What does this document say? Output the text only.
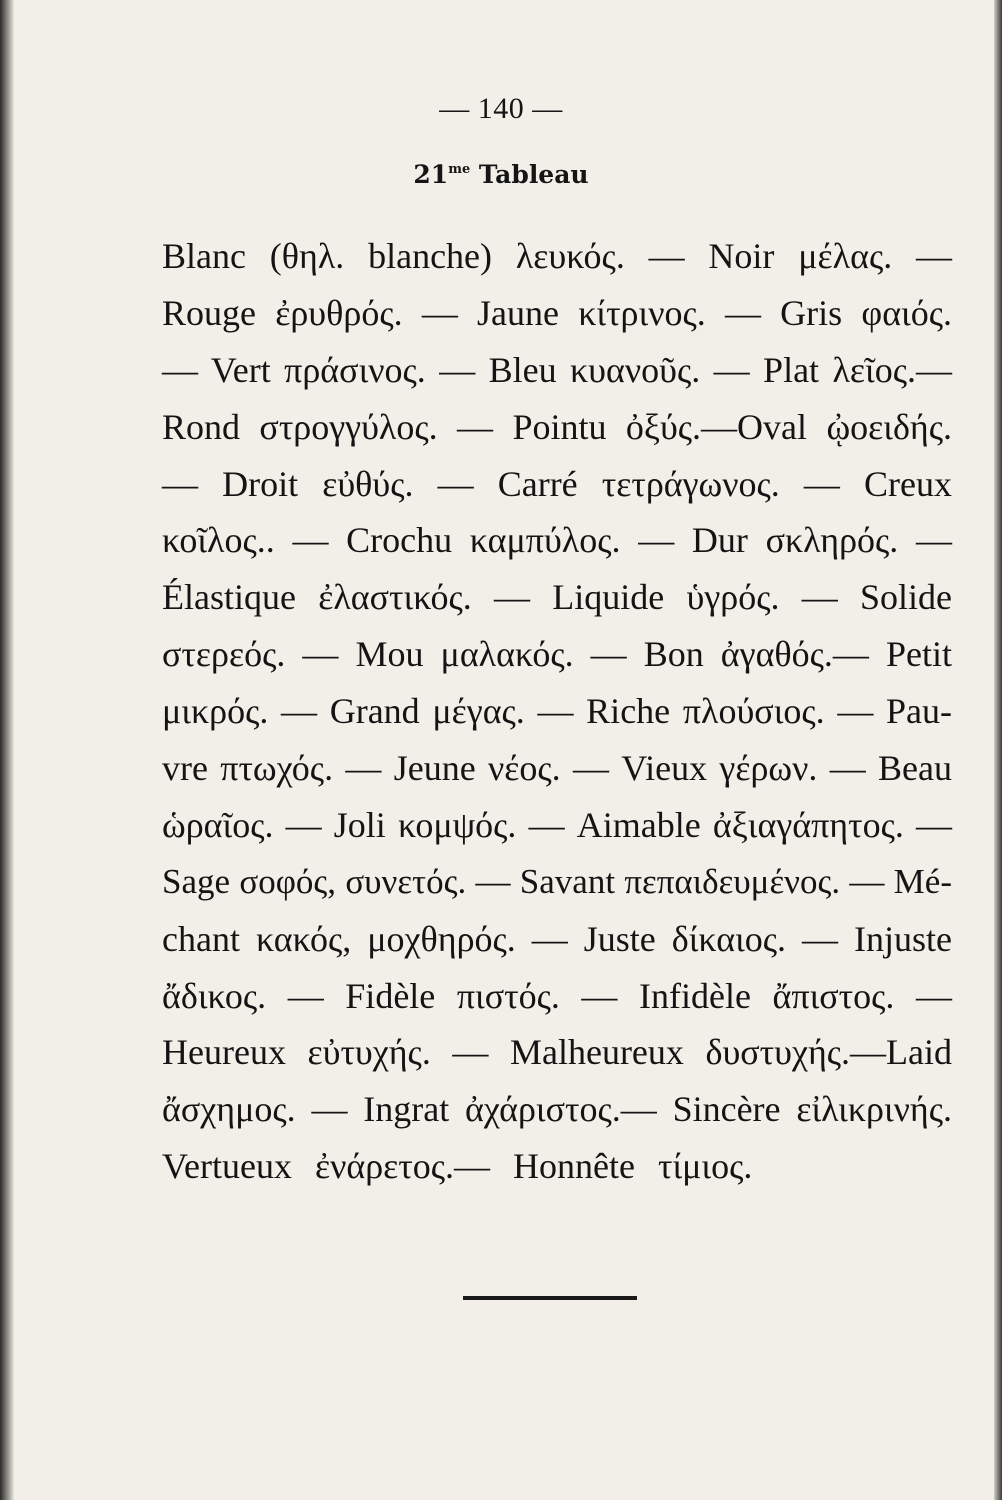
— 140 —
$21^{me}$ Tableau
Blanc (θηλ. blanche) λευκός. — Noir μέλας. —
Rouge ἐρυθρός. — Jaune κίτρινος. — Gris φαιός.
— Vert πράσινος. — Bleu κυανοῦς. — Plat λεῖος.—
Rond στρογγύλος. — Pointu ὀξύς.—Oval ᾠοειδής.
— Droit εὐθύς. — Carré τετράγωνος. — Creux
κοῖλος.. — Crochu καμπύλος. — Dur σκληρός. —
Élastique ἐλαστικός. — Liquide ὑγρός. — Solide
στερεός. — Mou μαλακός. — Bon ἀγαθός.— Petit
μικρός. — Grand μέγας. — Riche πλούσιος. — Pau-
vre πτωχός. — Jeune νέος. — Vieux γέρων. — Beau
ὡραῖος. — Joli κομψός. — Aimable ἀξιαγάπητος. —
Sage σοφός, συνετός. — Savant πεπαιδευμένος. — Mé-
chant κακός, μοχθηρός. — Juste δίκαιος. — Injuste
ἄδικος. — Fidèle πιστός. — Infidèle ἄπιστος. —
Heureux εὐτυχής. — Malheureux δυστυχής.—Laid
ἄσχημος. — Ingrat ἀχάριστος.— Sincère εἰλικρινής.
Vertueux ἐνάρετος.— Honnête τίμιος.
